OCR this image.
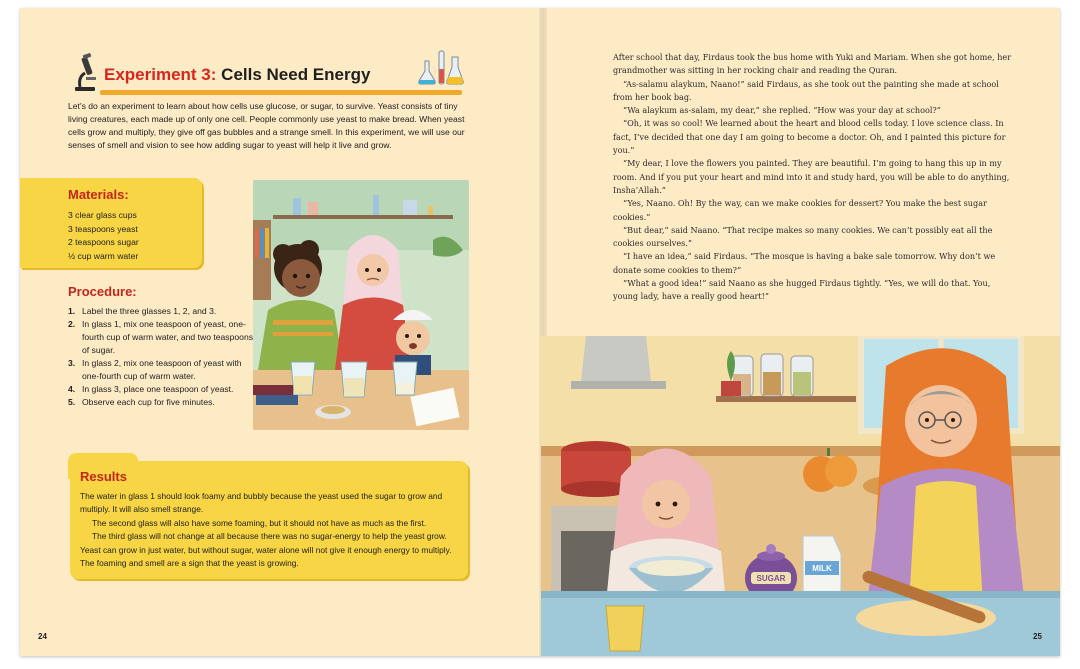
Experiment 3: Cells Need Energy
Let's do an experiment to learn about how cells use glucose, or sugar, to survive. Yeast consists of tiny living creatures, each made up of only one cell. People commonly use yeast to make bread. When yeast cells grow and multiply, they give off gas bubbles and a strange smell. In this experiment, we will use our senses of smell and vision to see how adding sugar to yeast will help it live and grow.
Materials:
3 clear glass cups
3 teaspoons yeast
2 teaspoons sugar
½ cup warm water
Procedure:
1. Label the three glasses 1, 2, and 3.
2. In glass 1, mix one teaspoon of yeast, one-fourth cup of warm water, and two teaspoons of sugar.
3. In glass 2, mix one teaspoon of yeast with one-fourth cup of warm water.
4. In glass 3, place one teaspoon of yeast.
5. Observe each cup for five minutes.
Results

The water in glass 1 should look foamy and bubbly because the yeast used the sugar to grow and multiply. It will also smell strange.

The second glass will also have some foaming, but it should not have as much as the first.

The third glass will not change at all because there was no sugar-energy to help the yeast grow. Yeast can grow in just water, but without sugar, water alone will not give it enough energy to multiply. The foaming and smell are a sign that the yeast is growing.

24

After school that day, Firdaus took the bus home with Yuki and Mariam. When she got home, her grandmother was sitting in her rocking chair and reading the Quran.

“As-salamu alaykum, Naano!” said Firdaus, as she took out the painting she made at school from her book bag.

“Wa alaykum as-salam, my dear,” she replied. “How was your day at school?”

“Oh, it was so cool! We learned about the heart and blood cells today. I love science class. In fact, I’ve decided that one day I am going to become a doctor. Oh, and I painted this picture for you.”

“My dear, I love the flowers you painted. They are beautiful. I’m going to hang this up in my room. And if you put your heart and mind into it and study hard, you will be able to do anything, Insha’Allah.”

“Yes, Naano. Oh! By the way, can we make cookies for dessert? You make the best sugar cookies.”

“But dear,” said Naano. “That recipe makes so many cookies. We can’t possibly eat all the cookies ourselves.”

“I have an idea,” said Firdaus. “The mosque is having a bake sale tomorrow. Why don’t we donate some cookies to them?”

“What a good idea!” said Naano as she hugged Firdaus tightly. “Yes, we will do that. You, young lady, have a really good heart!”

SUGAR
MILK
25
